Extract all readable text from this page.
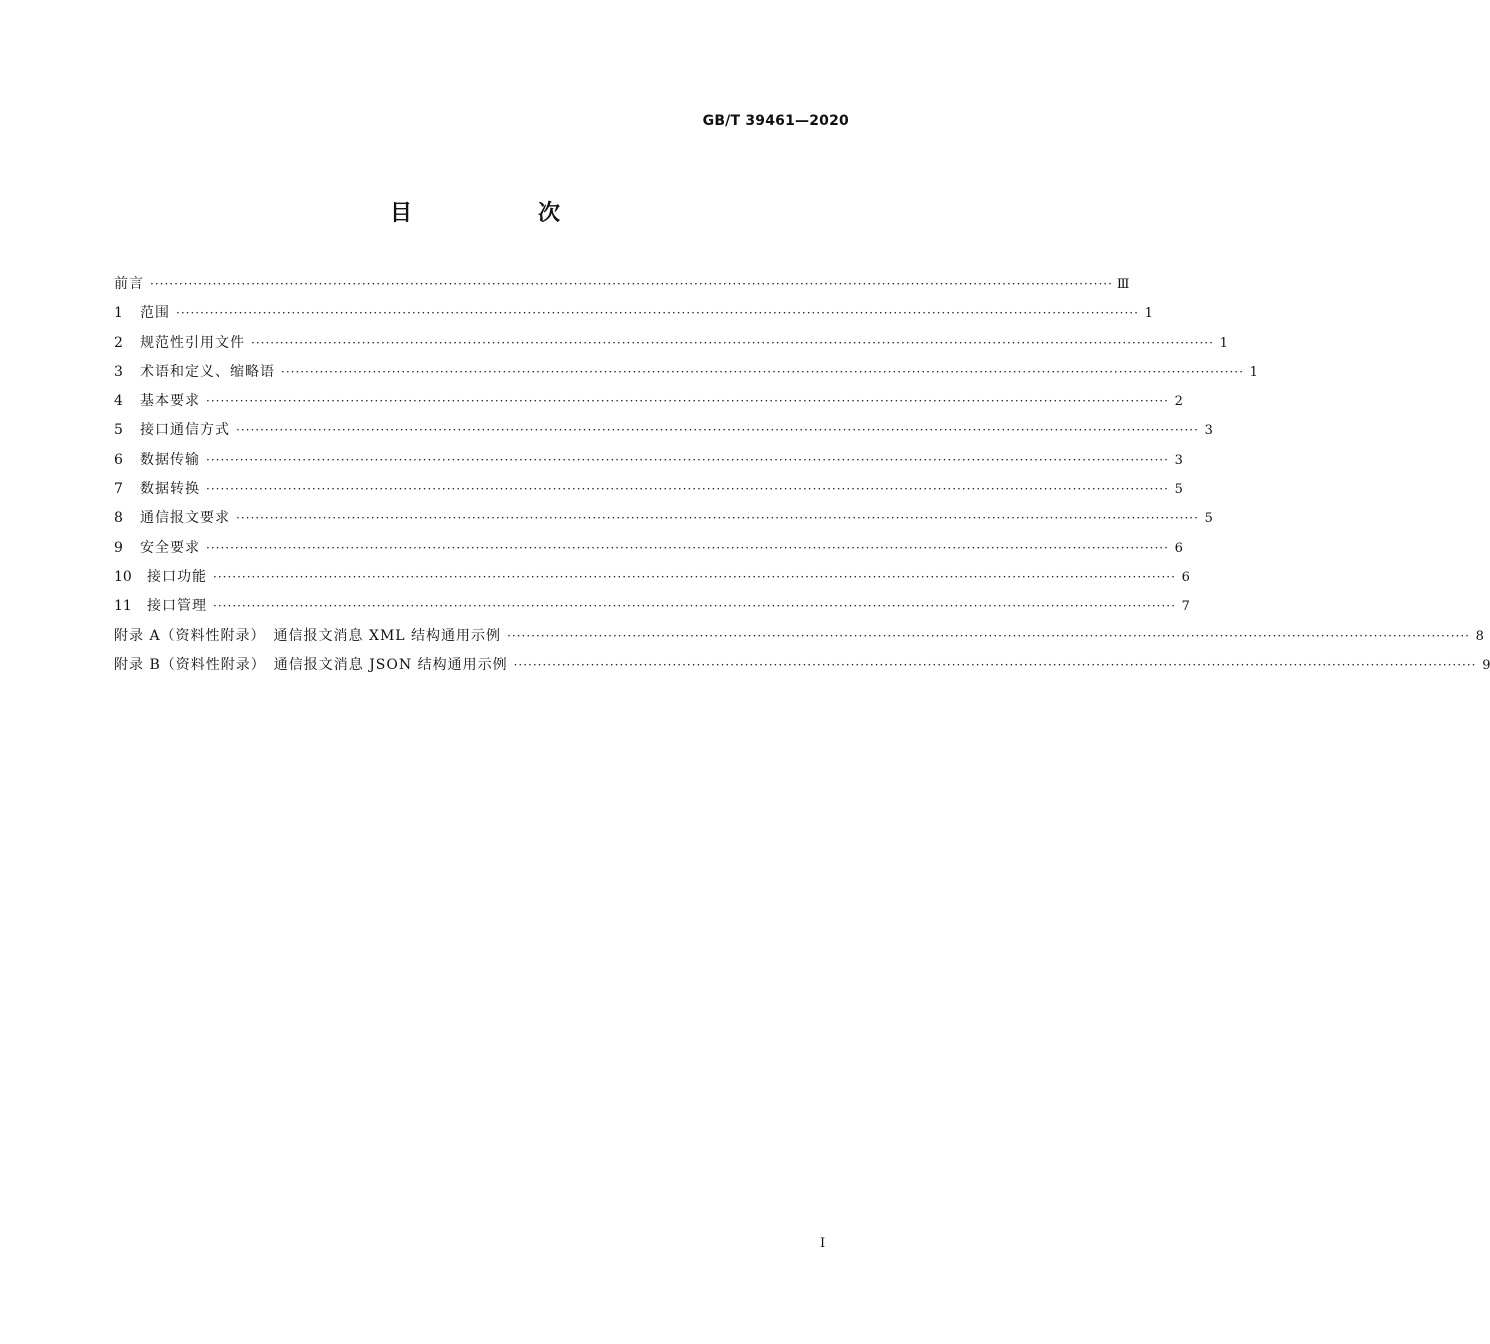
GB/T 39461—2020
目　次
前言 ········································································································································································································ Ⅲ
1	范围 ········································································································································································································ 1
2	规范性引用文件 ········································································································································································································ 1
3	术语和定义、缩略语 ········································································································································································································ 1
4	基本要求 ········································································································································································································ 2
5	接口通信方式 ········································································································································································································ 3
6	数据传输 ········································································································································································································ 3
7	数据转换 ········································································································································································································ 5
8	通信报文要求 ········································································································································································································ 5
9	安全要求 ········································································································································································································ 6
10	接口功能 ········································································································································································································ 6
11	接口管理 ········································································································································································································ 7
附录 A（资料性附录）　通信报文消息 XML 结构通用示例 ········································································································································································································ 8
附录 B（资料性附录）　通信报文消息 JSON 结构通用示例 ········································································································································································································ 9
Ⅰ
